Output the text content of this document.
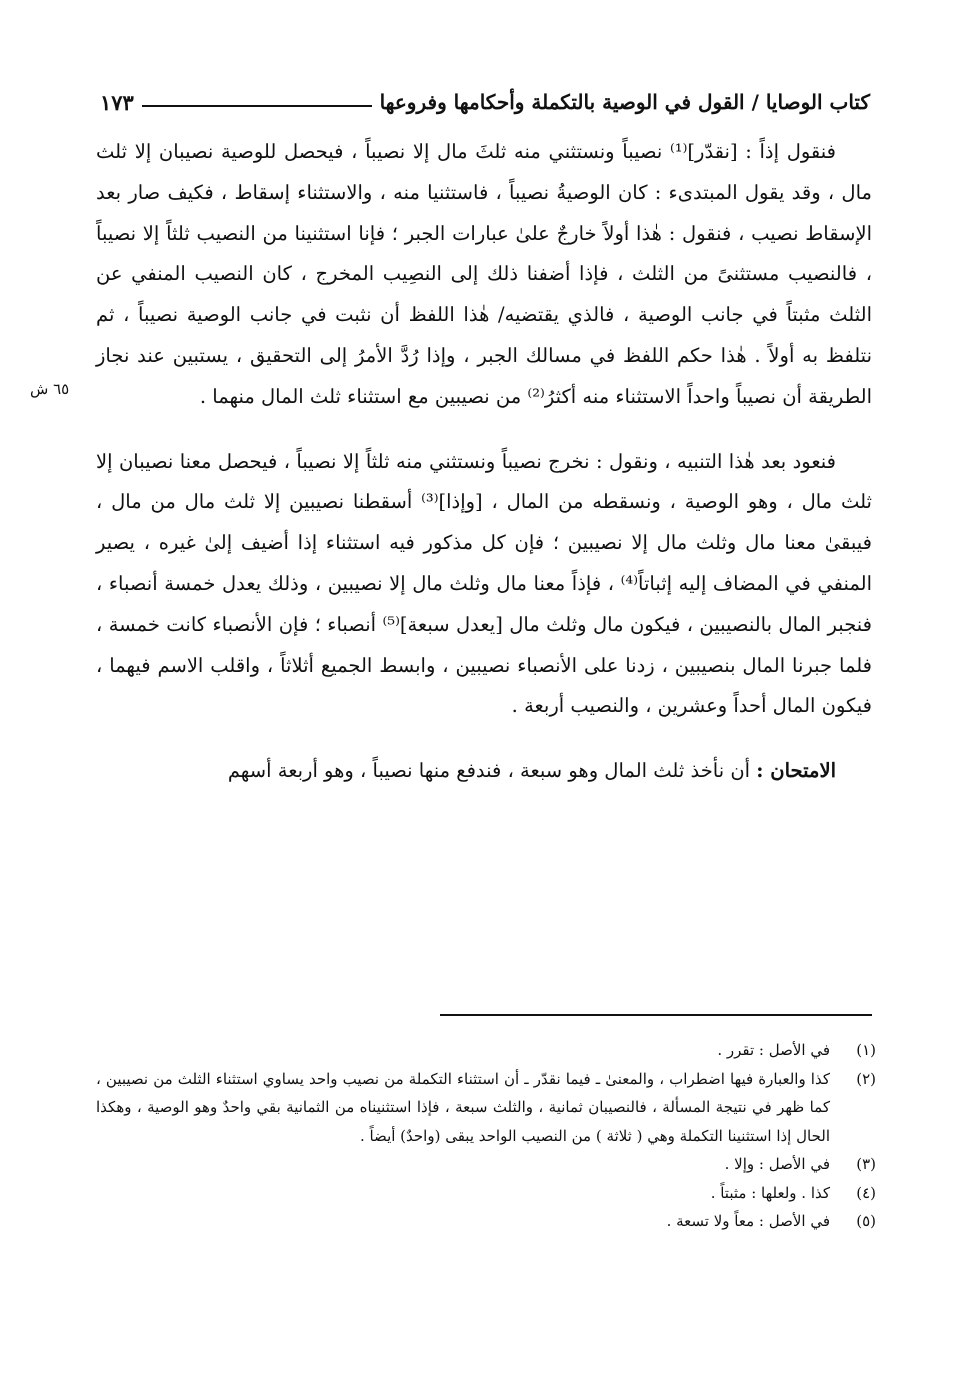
كتاب الوصايا / القول في الوصية بالتكملة وأحكامها وفروعها
١٧٣
٦٥ ش

فنقول إذاً : [نقدّر]⁽¹⁾ نصيباً ونستثني منه ثلثَ مال إلا نصيباً ، فيحصل للوصية نصيبان إلا ثلث مال ، وقد يقول المبتدىء : كان الوصيةُ نصيباً ، فاستثنيا منه ، والاستثناء إسقاط ، فكيف صار بعد الإسقاط نصيب ، فنقول : هٰذا أولاً خارجٌ علىٰ عبارات الجبر ؛ فإنا استثنينا من النصيب ثلثاً إلا نصيباً ، فالنصيب مستثنىً من الثلث ، فإذا أضفنا ذلك إلى النصِيب المخرج ، كان النصيب المنفي عن الثلث مثبتاً في جانب الوصية ، فالذي يقتضيه/ هٰذا اللفظ أن نثبت في جانب الوصية نصيباً ، ثم نتلفظ به أولاً . هٰذا حكم اللفظ في مسالك الجبر ، وإذا رُدَّ الأمرُ إلى التحقيق ، يستبين عند نجاز الطريقة أن نصيباً واحداً الاستثناء منه أكثرُ⁽²⁾ من نصيبين مع استثناء ثلث المال منهما .

فنعود بعد هٰذا التنبيه ، ونقول : نخرج نصيباً ونستثني منه ثلثاً إلا نصيباً ، فيحصل معنا نصيبان إلا ثلث مال ، وهو الوصية ، ونسقطه من المال ، [وإذا]⁽³⁾ أسقطنا نصيبين إلا ثلث مال من مال ، فيبقىٰ معنا مال وثلث مال إلا نصيبين ؛ فإن كل مذكور فيه استثناء إذا أضيف إلىٰ غيره ، يصير المنفي في المضاف إليه إثباتاً⁽⁴⁾ ، فإذاً معنا مال وثلث مال إلا نصيبين ، وذلك يعدل خمسة أنصباء ، فنجبر المال بالنصيبين ، فيكون مال وثلث مال [يعدل سبعة]⁽⁵⁾ أنصباء ؛ فإن الأنصباء كانت خمسة ، فلما جبرنا المال بنصيبين ، زدنا على الأنصباء نصيبين ، وابسط الجميع أثلاثاً ، واقلب الاسم فيهما ، فيكون المال أحداً وعشرين ، والنصيب أربعة .

الامتحان : أن نأخذ ثلث المال وهو سبعة ، فندفع منها نصيباً ، وهو أربعة أسهم

(١)
في الأصل : تقرر .
(٢)
كذا والعبارة فيها اضطراب ، والمعنىٰ ـ فيما نقدّر ـ أن استثناء التكملة من نصيب واحد يساوي استثناء الثلث من نصيبين ، كما ظهر في نتيجة المسألة ، فالنصيبان ثمانية ، والثلث سبعة ، فإذا استثنيناه من الثمانية بقي واحدٌ وهو الوصية ، وهكذا الحال إذا استثنينا التكملة وهي ( ثلاثة ) من النصيب الواحد يبقى (واحدٌ) أيضاً .
(٣)
في الأصل : وإلا .
(٤)
كذا . ولعلها : مثبتاً .
(٥)
في الأصل : معاً ولا تسعة .
